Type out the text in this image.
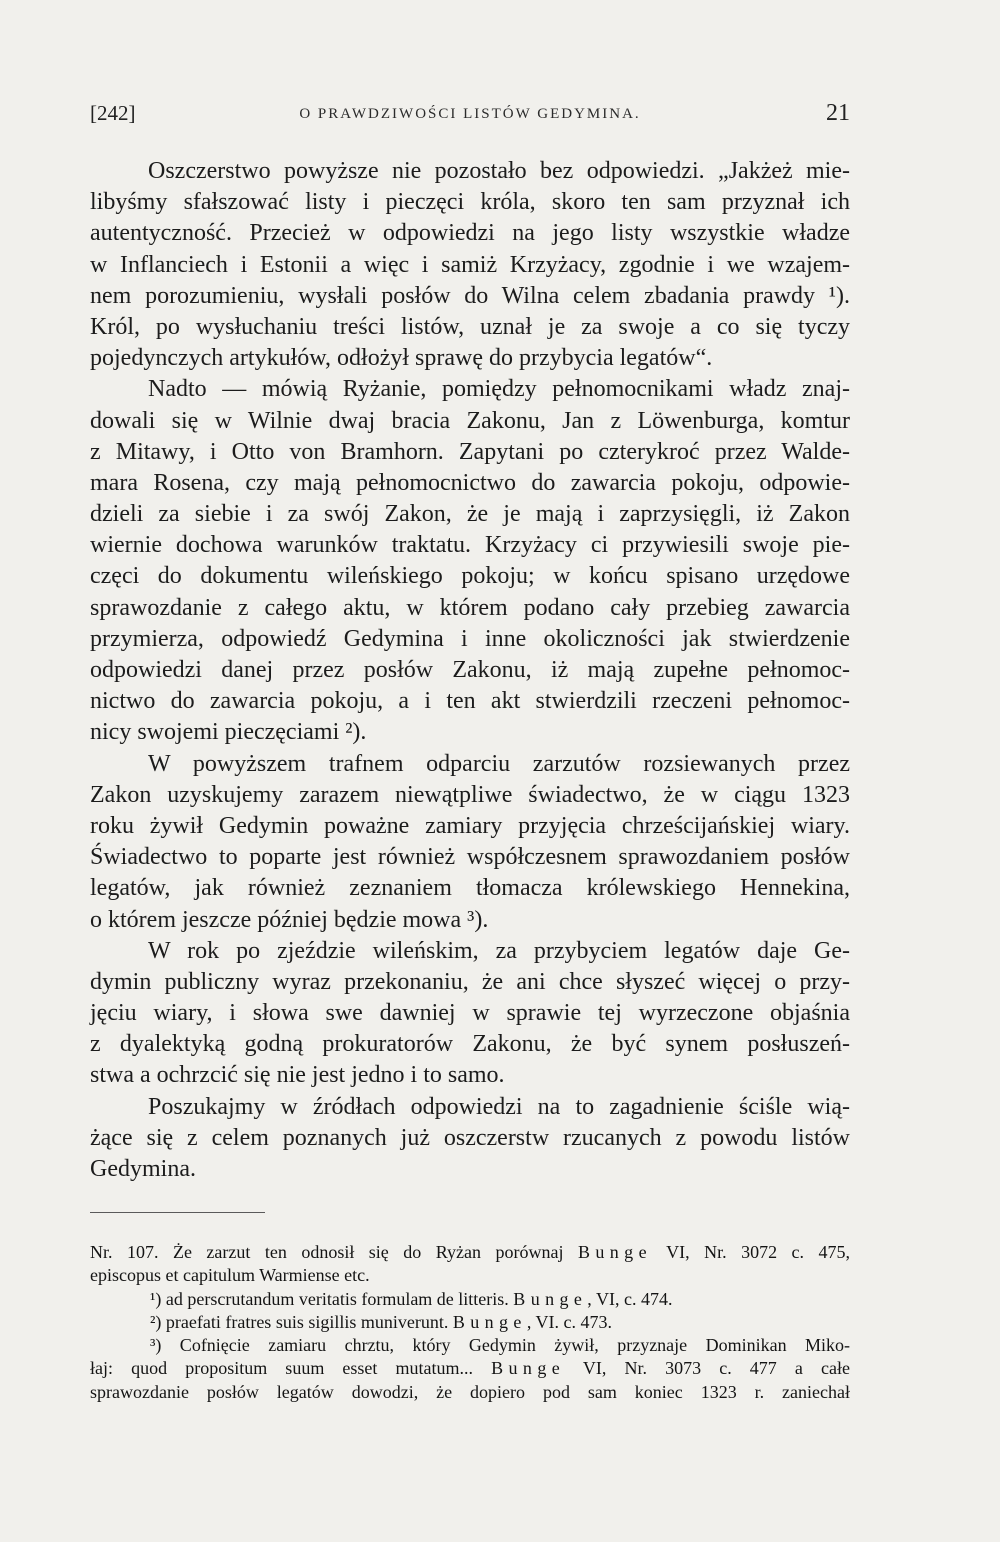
[242]	O PRAWDZIWOŚCI LISTÓW GEDYMINA.	21
Oszczerstwo powyższe nie pozostało bez odpowiedzi. „Jakżeż mie-
libyśmy sfałszować listy i pieczęci króla, skoro ten sam przyznał ich
autentyczność. Przecież w odpowiedzi na jego listy wszystkie władze
w Inflanciech i Estonii a więc i samiż Krzyżacy, zgodnie i we wzajem-
nem porozumieniu, wysłali posłów do Wilna celem zbadania prawdy ¹).
Król, po wysłuchaniu treści listów, uznał je za swoje a co się tyczy
pojedynczych artykułów, odłożył sprawę do przybycia legatów“.
Nadto — mówią Ryżanie, pomiędzy pełnomocnikami władz znaj-
dowali się w Wilnie dwaj bracia Zakonu, Jan z Löwenburga, komtur
z Mitawy, i Otto von Bramhorn. Zapytani po czterykroć przez Walde-
mara Rosena, czy mają pełnomocnictwo do zawarcia pokoju, odpowie-
dzieli za siebie i za swój Zakon, że je mają i zaprzysięgli, iż Zakon
wiernie dochowa warunków traktatu. Krzyżacy ci przywiesili swoje pie-
częci do dokumentu wileńskiego pokoju; w końcu spisano urzędowe
sprawozdanie z całego aktu, w którem podano cały przebieg zawarcia
przymierza, odpowiedź Gedymina i inne okoliczności jak stwierdzenie
odpowiedzi danej przez posłów Zakonu, iż mają zupełne pełnomoc-
nictwo do zawarcia pokoju, a i ten akt stwierdzili rzeczeni pełnomoc-
nicy swojemi pieczęciami ²).
W powyższem trafnem odparciu zarzutów rozsiewanych przez
Zakon uzyskujemy zarazem niewątpliwe świadectwo, że w ciągu 1323
roku żywił Gedymin poważne zamiary przyjęcia chrześcijańskiej wiary.
Świadectwo to poparte jest również współczesnem sprawozdaniem posłów
legatów, jak również zeznaniem tłomacza królewskiego Hennekina,
o którem jeszcze później będzie mowa ³).
W rok po zjeździe wileńskim, za przybyciem legatów daje Ge-
dymin publiczny wyraz przekonaniu, że ani chce słyszeć więcej o przy-
jęciu wiary, i słowa swe dawniej w sprawie tej wyrzeczone objaśnia
z dyalektyką godną prokuratorów Zakonu, że być synem posłuszeń-
stwa a ochrzcić się nie jest jedno i to samo.
Poszukajmy w źródłach odpowiedzi na to zagadnienie ściśle wią-
żące się z celem poznanych już oszczerstw rzucanych z powodu listów
Gedymina.
Nr. 107. Że zarzut ten odnosił się do Ryżan porównaj Bunge VI, Nr. 3072 c. 475,
episcopus et capitulum Warmiense etc.
¹) ad perscrutandum veritatis formulam de litteris. Bunge, VI, c. 474.
²) praefati fratres suis sigillis muniverunt. Bunge, VI. c. 473.
³) Cofnięcie zamiaru chrztu, który Gedymin żywił, przyznaje Dominikan Miko-
łaj: quod propositum suum esset mutatum... Bunge VI, Nr. 3073 c. 477 a całe
sprawozdanie posłów legatów dowodzi, że dopiero pod sam koniec 1323 r. zaniechał
